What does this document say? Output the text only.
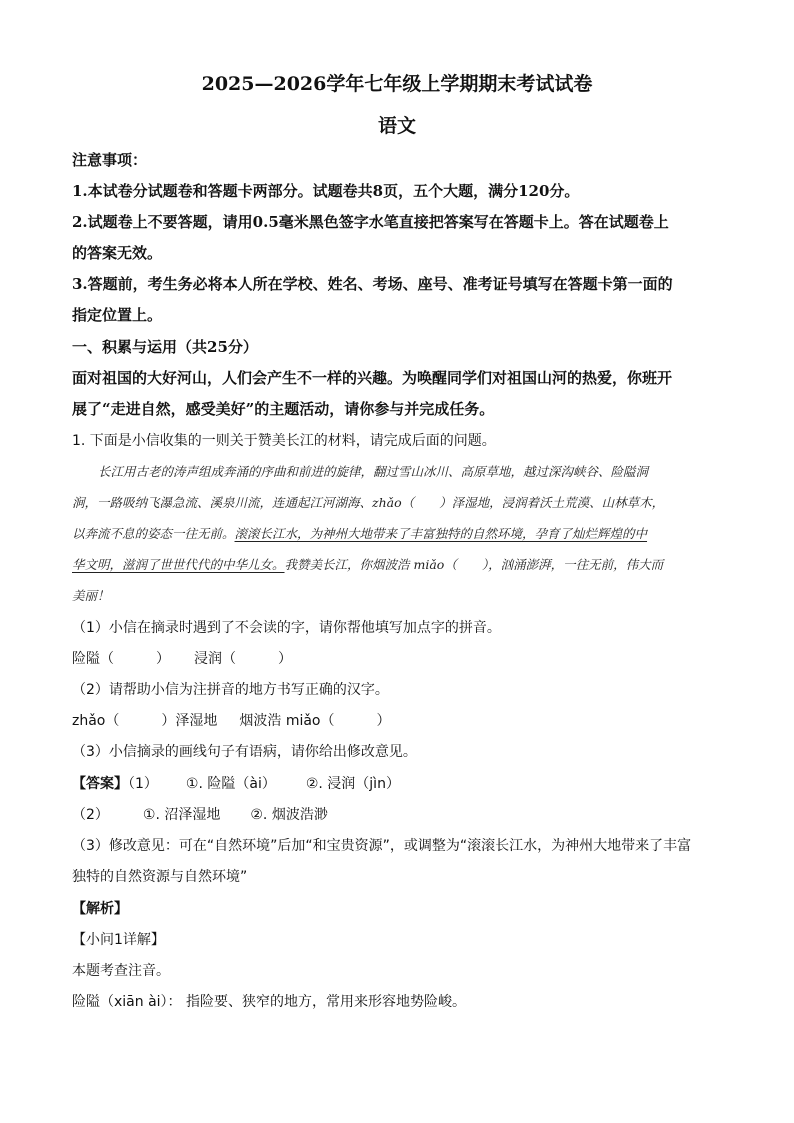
2025—2026学年七年级上学期期末考试试卷
语文
注意事项：
1.本试卷分试题卷和答题卡两部分。试题卷共8页，五个大题，满分120分。
2.试题卷上不要答题，请用0.5毫米黑色签字水笔直接把答案写在答题卡上。答在试题卷上
的答案无效。
3.答题前，考生务必将本人所在学校、姓名、考场、座号、准考证号填写在答题卡第一面的
指定位置上。
一、积累与运用（共25分）
面对祖国的大好河山，人们会产生不一样的兴趣。为唤醒同学们对祖国山河的热爱，你班开
展了“走进自然，感受美好”的主题活动，请你参与并完成任务。
1. 下面是小信收集的一则关于赞美长江的材料，请完成后面的问题。
长江用古老的涛声组成奔涌的序曲和前进的旋律，翻过雪山冰川、高原草地，越过深沟峡谷、险隘洞
涧，一路吸纳飞瀑急流、溪泉川流，连通起江河湖海、zhǎo（　　）泽湿地，浸润着沃土荒漠、山林草木，
以奔流不息的姿态一往无前。滚滚长江水，为神州大地带来了丰富独特的自然环境，孕育了灿烂辉煌的中
华文明，滋润了世世代代的中华儿女。我赞美长江，你烟波浩 miǎo（　　），汹涌澎湃，一往无前，伟大而
美丽！
（1）小信在摘录时遇到了不会读的字，请你帮他填写加点字的拼音。
险隘（　　　） 浸润（　　　）
（2）请帮助小信为注拼音的地方书写正确的汉字。
zhǎo（　　　）泽湿地 烟波浩 miǎo（　　　）
（3）小信摘录的画线句子有语病，请你给出修改意见。
【答案】（1） ①. 险隘（ài） ②. 浸润（jìn）
（2） ①. 沼泽湿地 ②. 烟波浩渺
（3）修改意见：可在“自然环境”后加“和宝贵资源”，或调整为“滚滚长江水，为神州大地带来了丰富
独特的自然资源与自然环境”
【解析】
【小问1详解】
本题考查注音。
险隘（xiān ài）： 指险要、狭窄的地方，常用来形容地势险峻。
